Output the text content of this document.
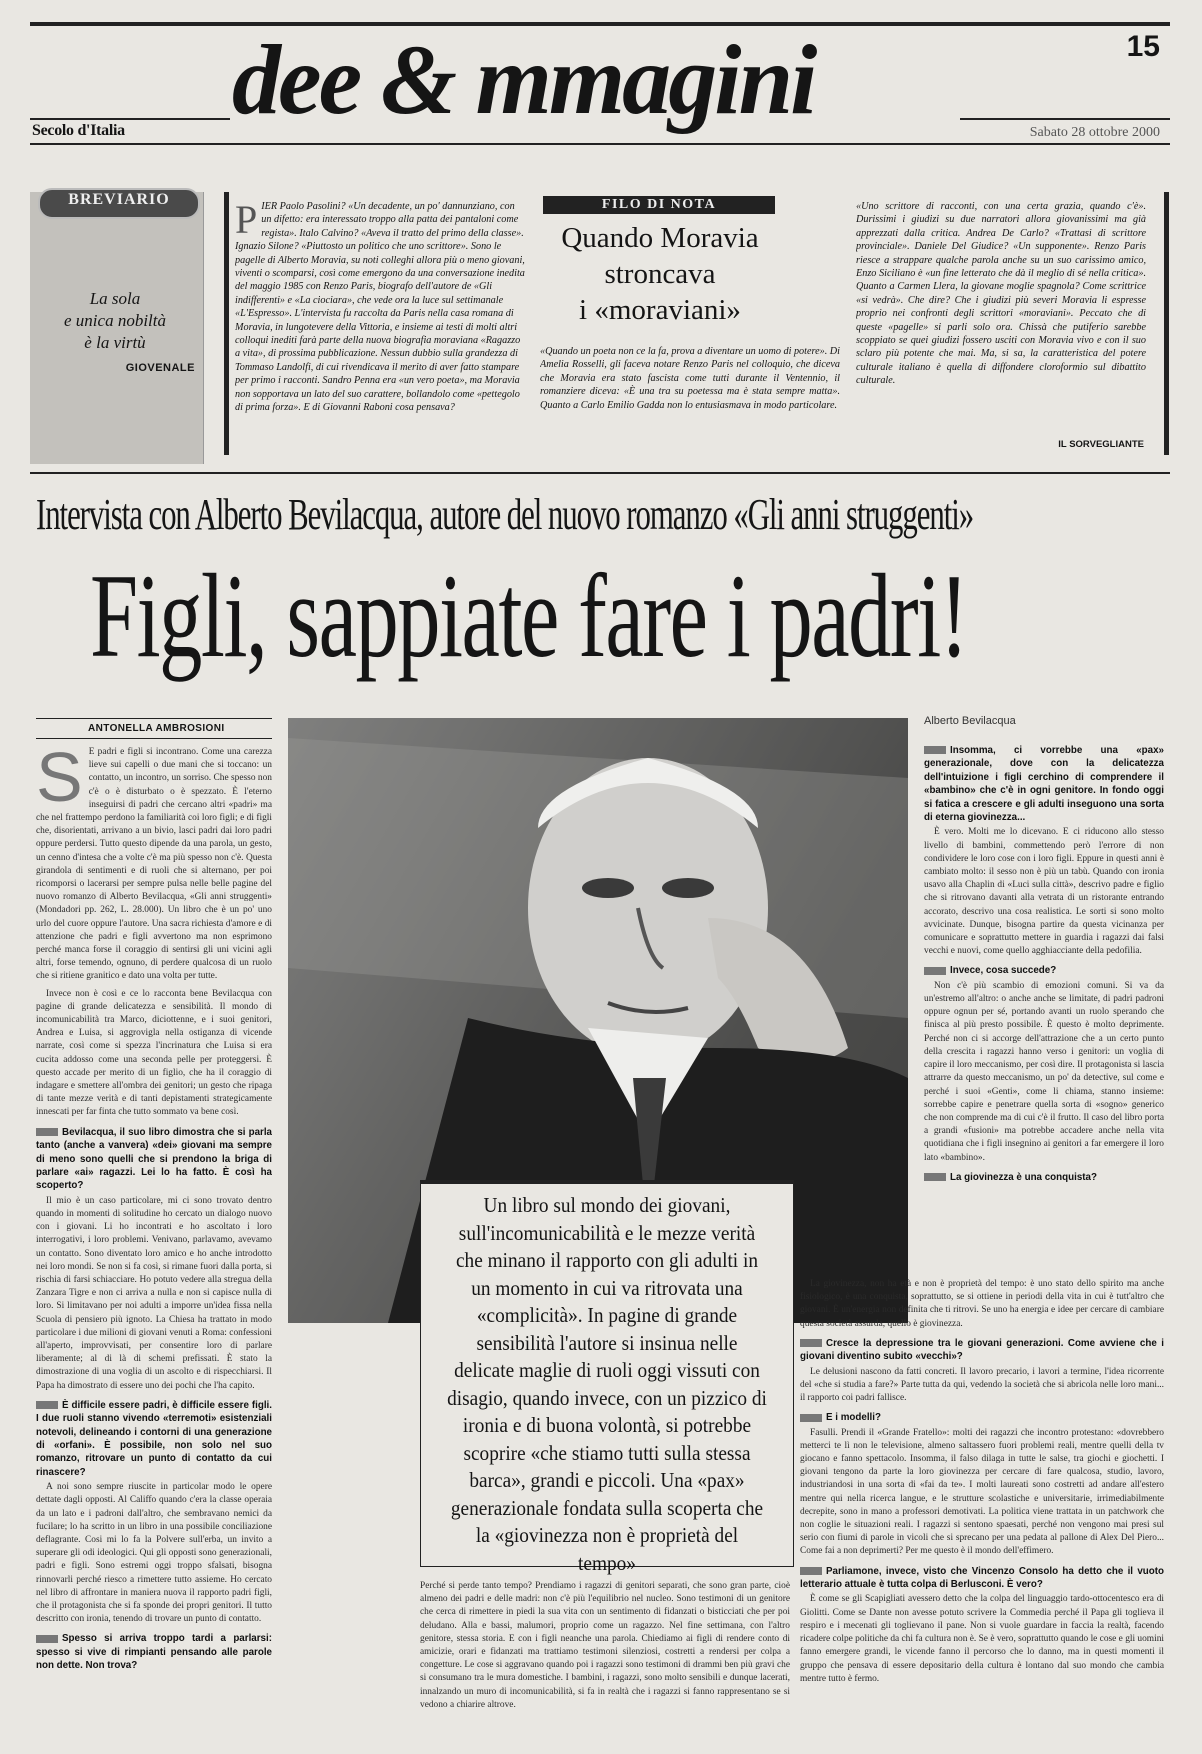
15
Secolo d'Italia dee & mmagini	Sabato 28 ottobre 2000
BREVIARIO
La sola
e unica nobiltà
è la virtù
GIOVENALE
P IER Paolo Pasolini? «Un decadente, un po' dannunziano, con un difetto: era interessato troppo alla patta dei pantaloni come regista». Italo Calvino? «Aveva il tratto del primo della classe». Ignazio Silone? «Piuttosto un politico che uno scrittore». Sono le pagelle di Alberto Moravia, su noti colleghi allora più o meno giovani, viventi o scomparsi, così come emergono da una conversazione inedita del maggio 1985 con Renzo Paris, biografo dell'autore de «Gli indifferenti» e «La ciociara», che vede ora la luce sul settimanale «L'Espresso». L'intervista fu raccolta da Paris nella casa romana di Moravia, in lungotevere della Vittoria, e insieme ai testi di molti altri colloqui inediti farà parte della nuova biografia moraviana «Ragazzo a vita», di prossima pubblicazione. Nessun dubbio sulla grandezza di Tommaso Landolfi, di cui rivendicava il merito di aver fatto stampare per primo i racconti. Sandro Penna era «un vero poeta», ma Moravia non sopportava un lato del suo carattere, bollandolo come «pettegolo di prima forza». E di Giovanni Raboni cosa pensava?
FILO DI NOTA
Quando Moravia
stroncava
i «moraviani»
«Quando un poeta non ce la fa, prova a diventare un uomo di potere». Di Amelia Rosselli, gli faceva notare Renzo Paris nel colloquio, che diceva che Moravia era stato fascista come tutti durante il Ventennio, il romanziere diceva: «È una tra su poetessa ma è stata sempre matta». Quanto a Carlo Emilio Gadda non lo entusiasmava in modo particolare.
«Uno scrittore di racconti, con una certa grazia, quando c'è». Durissimi i giudizi su due narratori allora giovanissimi ma già apprezzati dalla critica. Andrea De Carlo? «Trattasi di scrittore provinciale». Daniele Del Giudice? «Un supponente». Renzo Paris riesce a strappare qualche parola anche su un suo carissimo amico, Enzo Siciliano è «un fine letterato che dà il meglio di sé nella critica». Quanto a Carmen Llera, la giovane moglie spagnola? Come scrittrice «si vedrà». Che dire? Che i giudizi più severi Moravia li espresse proprio nei confronti degli scrittori «moraviani». Peccato che di queste «pagelle» si parli solo ora. Chissà che putiferio sarebbe scoppiato se quei giudizi fossero usciti con Moravia vivo e con il suo sclaro più potente che mai. Ma, si sa, la caratteristica del potere culturale italiano è quella di diffondere cloroformio sul dibattito culturale.
IL SORVEGLIANTE
Intervista con Alberto Bevilacqua, autore del nuovo romanzo «Gli anni struggenti»
Figli, sappiate fare i padri!
ANTONELLA AMBROSIONI
Alberto Bevilacqua
S E padri e figli si incontrano. Come una carezza lieve sui capelli o due mani che si toccano: un contatto, un incontro, un sorriso. Che spesso non c'è o è disturbato o è spezzato. È l'eterno inseguirsi di padri che cercano altri «padri» ma che nel frattempo perdono la familiarità coi loro figli; e di figli che, disorientati, arrivano a un bivio, lasci padri dai loro padri oppure perdersi. Tutto questo dipende da una parola, un gesto, un cenno d'intesa che a volte c'è ma più spesso non c'è. Questa girandola di sentimenti e di ruoli che si alternano, per poi ricomporsi o lacerarsi per sempre pulsa nelle belle pagine del nuovo romanzo di Alberto Bevilacqua, «Gli anni struggenti» (Mondadori pp. 262, L. 28.000). Un libro che è un po' uno urlo del cuore oppure l'autore. Una sacra richiesta d'amore e di attenzione che padri e figli avvertono ma non esprimono perché manca forse il coraggio di sentirsi gli uni vicini agli altri, forse temendo, ognuno, di perdere qualcosa di un ruolo che si ritiene granitico e dato una volta per tutte.

Invece non è così e ce lo racconta bene Bevilacqua con pagine di grande delicatezza e sensibilità. Il mondo di incomunicabilità tra Marco, diciottenne, e i suoi genitori, Andrea e Luisa, si aggrovigla nella ostiganza di vicende narrate, così come si spezza l'incrinatura che Luisa si era cucita addosso come una seconda pelle per proteggersi. È questo accade per merito di un figlio, che ha il coraggio di indagare e smettere all'ombra dei genitori; un gesto che ripaga di tante mezze verità e di tanti depistamenti strategicamente innescati per far finta che tutto sommato va bene così.

Bevilacqua, il suo libro dimostra che si parla tanto (anche a vanvera) «dei» giovani ma sempre di meno sono quelli che si prendono la briga di parlare «ai» ragazzi. Lei lo ha fatto. È così ha scoperto?

Il mio è un caso particolare, mi ci sono trovato dentro quando in momenti di solitudine ho cercato un dialogo nuovo con i giovani. Li ho incontrati e ho ascoltato i loro interrogativi, i loro problemi. Venivano, parlavamo, avevamo un contatto. Sono diventato loro amico e ho anche introdotto nei loro mondi. Se non si fa così, si rimane fuori dalla porta, si rischia di farsi schiacciare. Ho potuto vedere alla stregua della Zanzara Tigre e non ci arriva a nulla e non si capisce nulla di loro. Si limitavano per noi adulti a imporre un'idea fissa nella Scuola di pensiero più ignoto. La Chiesa ha trattato in modo particolare i due milioni di giovani venuti a Roma: confessioni all'aperto, improvvisati, per consentire loro di parlare liberamente; al di là di schemi prefissati. È stato la dimostrazione di una voglia di un ascolto e di rispecchiarsi. Il Papa ha dimostrato di essere uno dei pochi che l'ha capito.

È difficile essere padri, è difficile essere figli. I due ruoli stanno vivendo «terremoti» esistenziali notevoli, delineando i contorni di una generazione di «orfani». È possibile, non solo nel suo romanzo, ritrovare un punto di contatto da cui rinascere?

A noi sono sempre riuscite in particolar modo le opere dettate dagli opposti. Al Califfo quando c'era la classe operaia da un lato e i padroni dall'altro, che sembravano nemici da fucilare; lo ha scritto in un libro in una possibile conciliazione deflagrante. Cosi mi lo fa la Polvere sull'erba, un invito a superare gli odi ideologici. Qui gli opposti sono generazionali, padri e figli. Sono estremi oggi troppo sfalsati, bisogna rinnovarli perché riesco a rimettere tutto assieme. Ho cercato nel libro di affrontare in maniera nuova il rapporto padri figli, che il protagonista che si fa sponde dei propri genitori. Il tutto descritto con ironia, tenendo di trovare un punto di contatto.

Spesso si arriva troppo tardi a parlarsi: spesso si vive di rimpianti pensando alle parole non dette. Non trova?

Perché si perde tanto tempo? Prendiamo i ragazzi di genitori separati, che sono gran parte, cioè almeno dei padri e delle madri: non c'è più l'equilibrio nel nucleo. Sono testimoni di un genitore che cerca di rimettere in piedi la sua vita con un sentimento di fidanzati o bisticciati che per poi deludano. Alla e bassi, malumori, proprio come un ragazzo. Nel fine settimana, con l'altro genitore, stessa storia. E con i figli neanche una parola. Chiediamo ai figli di rendere conto di amicizie, orari e fidanzati ma trattiamo testimoni silenziosi, costretti a rendersi per colpa a congetture. Le cose si aggravano quando poi i ragazzi sono testimoni di drammi ben più gravi che si consumano tra le mura domestiche. I bambini, i ragazzi, sono molto sensibili e dunque lacerati, innalzando un muro di incomunicabilità, si fa in realtà che i ragazzi si fanno rappresentano se si vedono a chiarire altrove.

Un libro sul mondo dei giovani, sull'incomunicabilità e le mezze verità che minano il rapporto con gli adulti in un momento in cui va ritrovata una «complicità». In pagine di grande sensibilità l'autore si insinua nelle delicate maglie di ruoli oggi vissuti con disagio, quando invece, con un pizzico di ironia e di buona volontà, si potrebbe scoprire «che stiamo tutti sulla stessa barca», grandi e piccoli. Una «pax» generazionale fondata sulla scoperta che la «giovinezza non è proprietà del tempo»
Insomma, ci vorrebbe una «pax» generazionale, dove con la delicatezza dell'intuizione i figli cerchino di comprendere il «bambino» che c'è in ogni genitore. In fondo oggi si fatica a crescere e gli adulti inseguono una sorta di eterna giovinezza...

È vero. Molti me lo dicevano. E ci riducono allo stesso livello di bambini, commettendo però l'errore di non condividere le loro cose con i loro figli. Eppure in questi anni è cambiato molto: il sesso non è più un tabù. Quando con ironia usavo alla Chaplin di «Luci sulla città», descrivo padre e figlio che si ritrovano davanti alla vetrata di un ristorante entrando accorato, descrivo una cosa realistica. Le sorti si sono molto avvicinate. Dunque, bisogna partire da questa vicinanza per comunicare e soprattutto mettere in guardia i ragazzi dai falsi vecchi e nuovi, come quello agghiacciante della pedofilia.

Invece, cosa succede?

Non c'è più scambio di emozioni comuni. Si va da un'estremo all'altro: o anche anche se limitate, di padri padroni oppure ognun per sé, portando avanti un ruolo sperando che finisca al più presto possibile. È questo è molto deprimente. Perché non ci si accorge dell'attrazione che a un certo punto della crescita i ragazzi hanno verso i genitori: un voglia di capire il loro meccanismo, per così dire. Il protagonista si lascia attrarre da questo meccanismo, un po' da detective, sul come e perché i suoi «Genti», come li chiama, stanno insieme: sorrebbe capire e penetrare quella sorta di «sogno» generico che non comprende ma di cui c'è il frutto. Il caso del libro porta a grandi «fusioni» ma potrebbe accadere anche nella vita quotidiana che i figli insegnino ai genitori a far emergere il loro lato «bambino».

La giovinezza è una conquista?

La giovinezza, non ha età e non è proprietà del tempo: è uno stato dello spirito ma anche fisiologico, è una conquista, soprattutto, se si ottiene in periodi della vita in cui è tutt'altro che giovani. È un'energia non definita che ti ritrovi. Se uno ha energia e idee per cercare di cambiare questa società assurda, quello è giovinezza.

Cresce la depressione tra le giovani generazioni. Come avviene che i giovani diventino subito «vecchi»?

Le delusioni nascono da fatti concreti. Il lavoro precario, i lavori a termine, l'idea ricorrente del «che si studia a fare?» Parte tutta da qui, vedendo la società che si abricola nelle loro mani... il rapporto coi padri fallisce.

E i modelli?

Fasulli. Prendi il «Grande Fratello»: molti dei ragazzi che incontro protestano: «dovrebbero metterci te lì non le televisione, almeno saltassero fuori problemi reali, mentre quelli della tv giocano e fanno spettacolo. Insomma, il falso dilaga in tutte le salse, tra giochi e giochetti. I giovani tengono da parte la loro giovinezza per cercare di fare qualcosa, studio, lavoro, industriandosi in una sorta di «fai da te». I molti laureati sono costretti ad andare all'estero mentre qui nella ricerca langue, e le strutture scolastiche e universitarie, irrimediabilmente decrepite, sono in mano a professori demotivati. La politica viene trattata in un patchwork che non coglie le situazioni reali. I ragazzi si sentono spaesati, perché non vengono mai presi sul serio con fiumi di parole in vicoli che si sprecano per una pedata al pallone di Alex Del Piero... Come fai a non deprimerti? Per me questo è il mondo dell'effimero.

Parliamone, invece, visto che Vincenzo Consolo ha detto che il vuoto letterario attuale è tutta colpa di Berlusconi. È vero?

È come se gli Scapigliati avessero detto che la colpa del linguaggio tardo-ottocentesco era di Giolitti. Come se Dante non avesse potuto scrivere la Commedia perché il Papa gli toglieva il respiro e i mecenati gli toglievano il pane. Non si vuole guardare in faccia la realtà, facendo ricadere colpe politiche da chi fa cultura non è. Se è vero, soprattutto quando le cose e gli uomini fanno emergere grandi, le vicende fanno il percorso che lo danno, ma in questi momenti il gruppo che pensava di essere depositario della cultura è lontano dal suo mondo che cambia mentre tutto è fermo.
